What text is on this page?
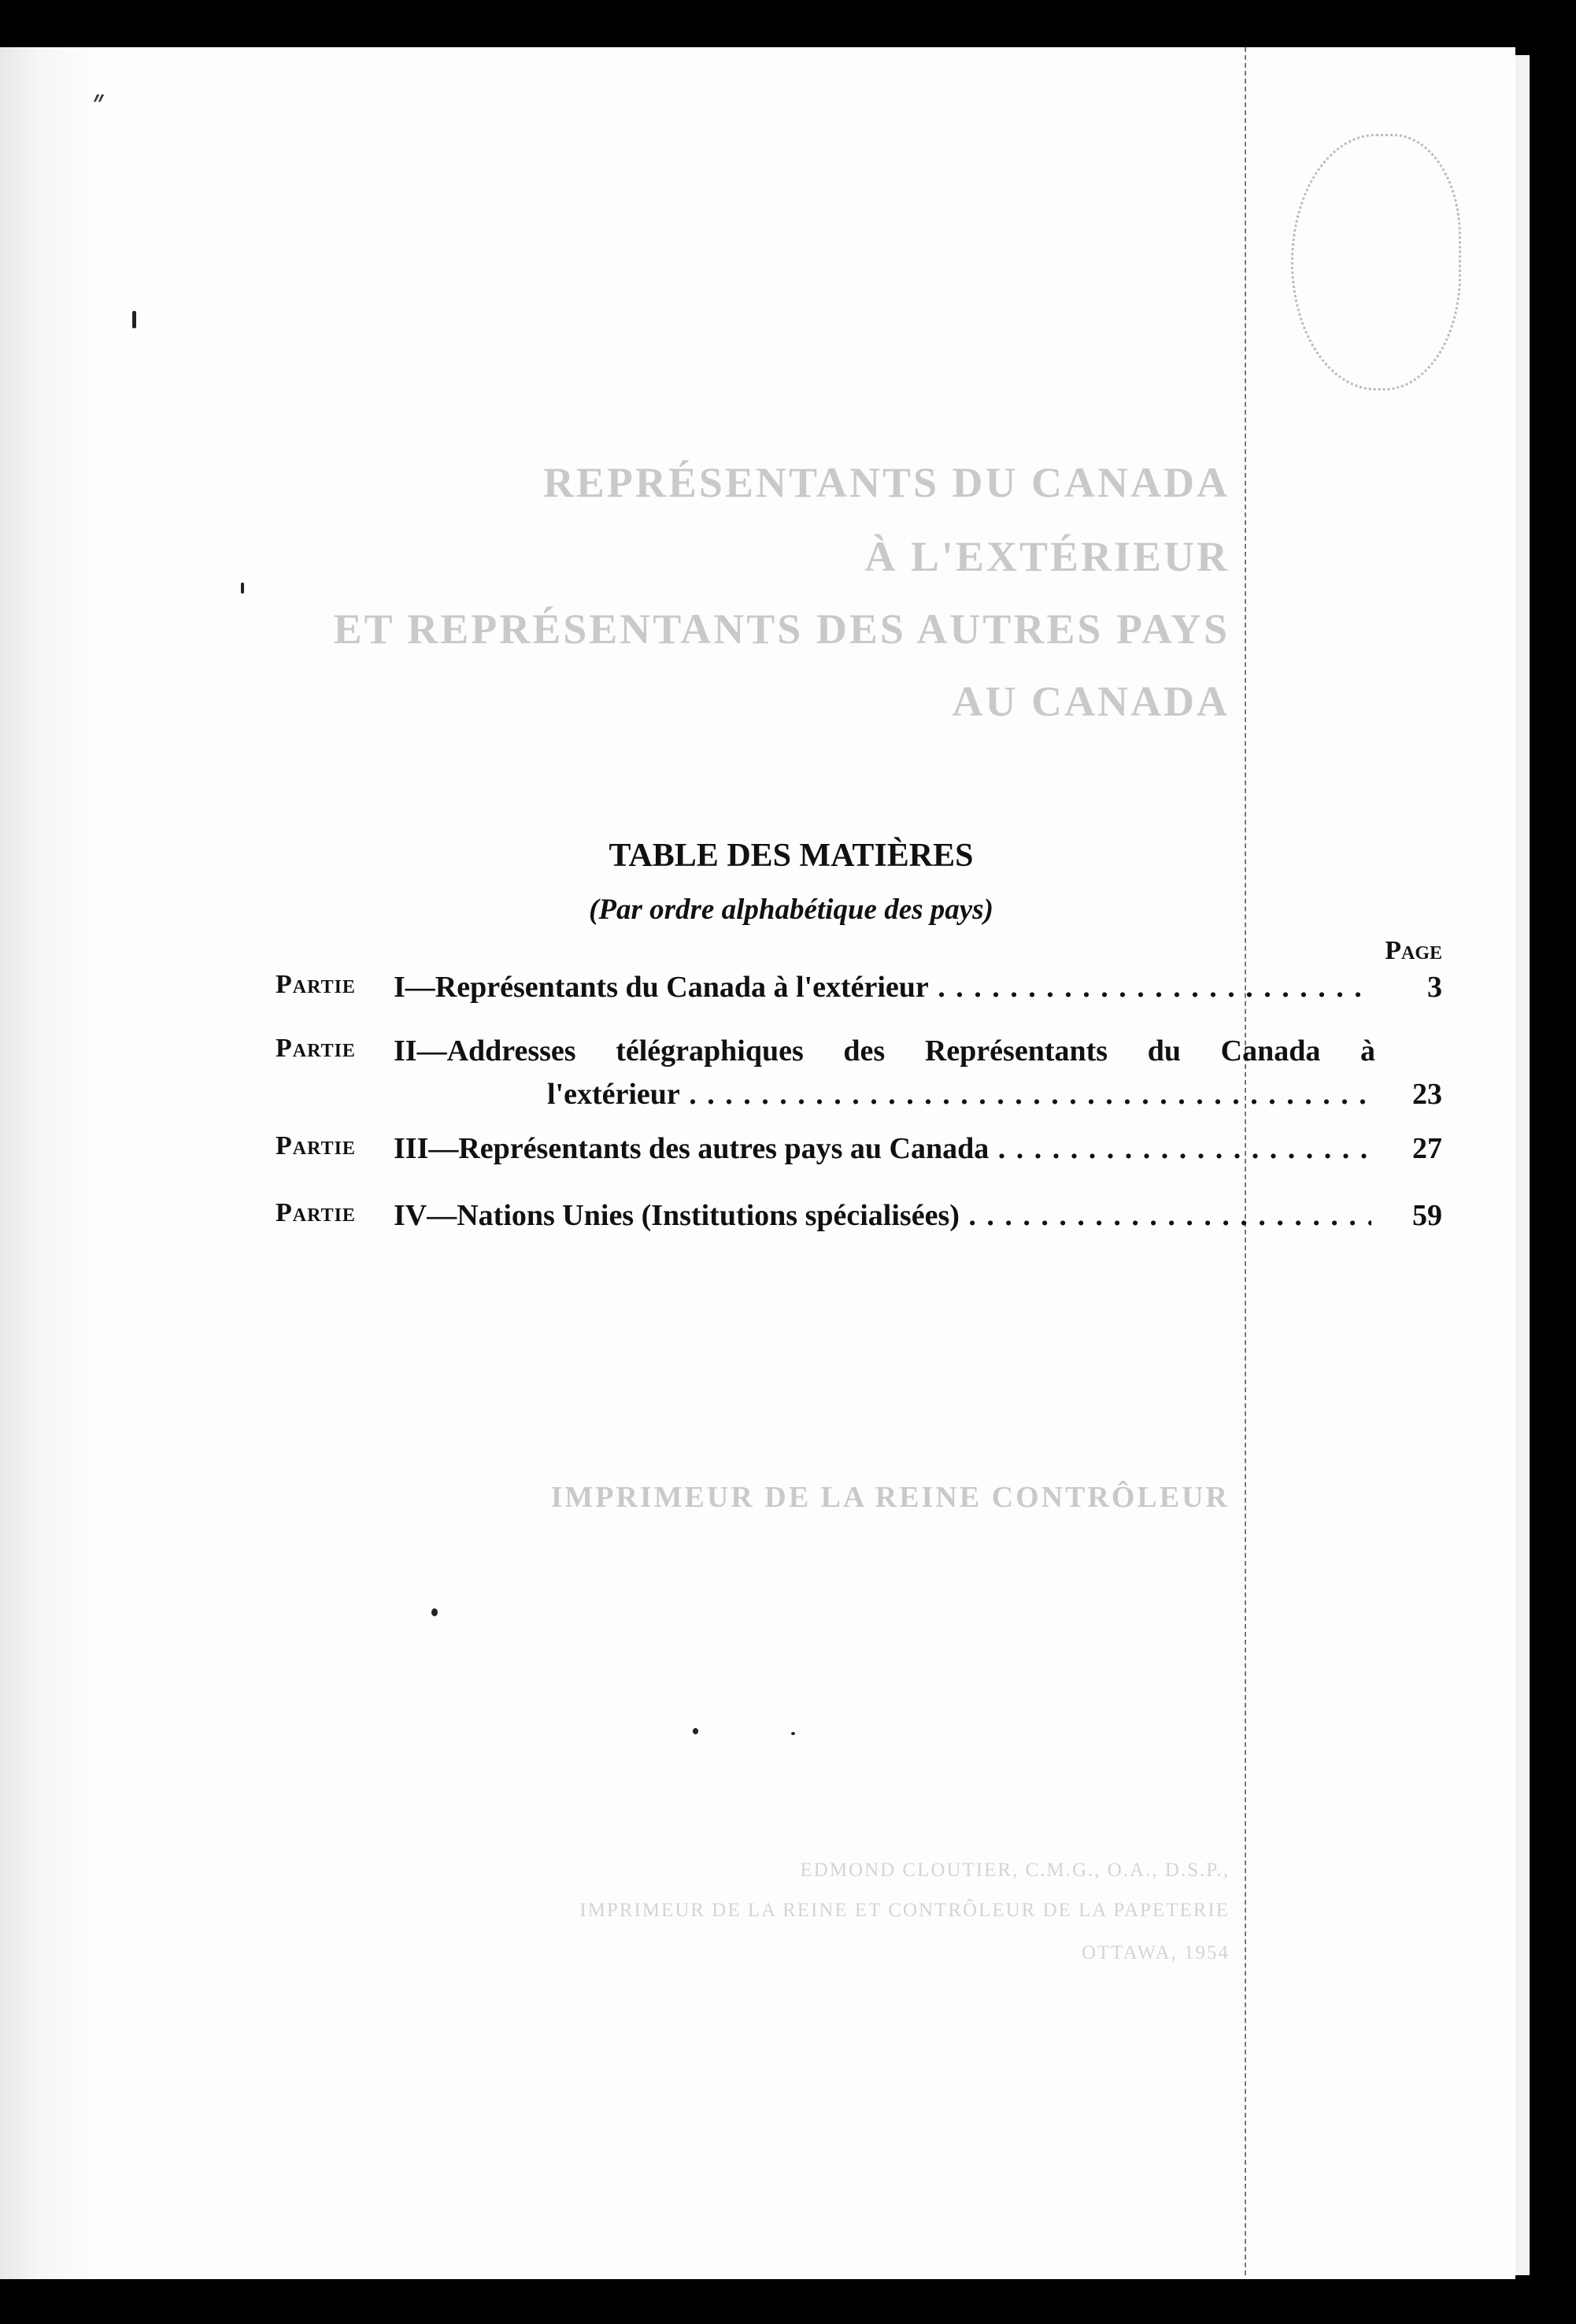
REPRÉSENTANTS DU CANADA
À L'EXTÉRIEUR
ET REPRÉSENTANTS DES AUTRES PAYS
AU CANADA
TABLE DES MATIÈRES
(Par ordre alphabétique des pays)
Page
Partie I—Représentants du Canada à l'extérieur . . .	3
Partie II—Addresses télégraphiques des Représentants du Canada à
l'extérieur . . .	23
Partie III—Représentants des autres pays au Canada . . .	27
Partie IV—Nations Unies (Institutions spécialisées) . . .	59
IMPRIMEUR DE LA REINE CONTRÔLEUR
EDMOND CLOUTIER, C.M.G., O.A., D.S.P.,
IMPRIMEUR DE LA REINE ET CONTRÔLEUR DE LA PAPETERIE
OTTAWA, 1954
״
